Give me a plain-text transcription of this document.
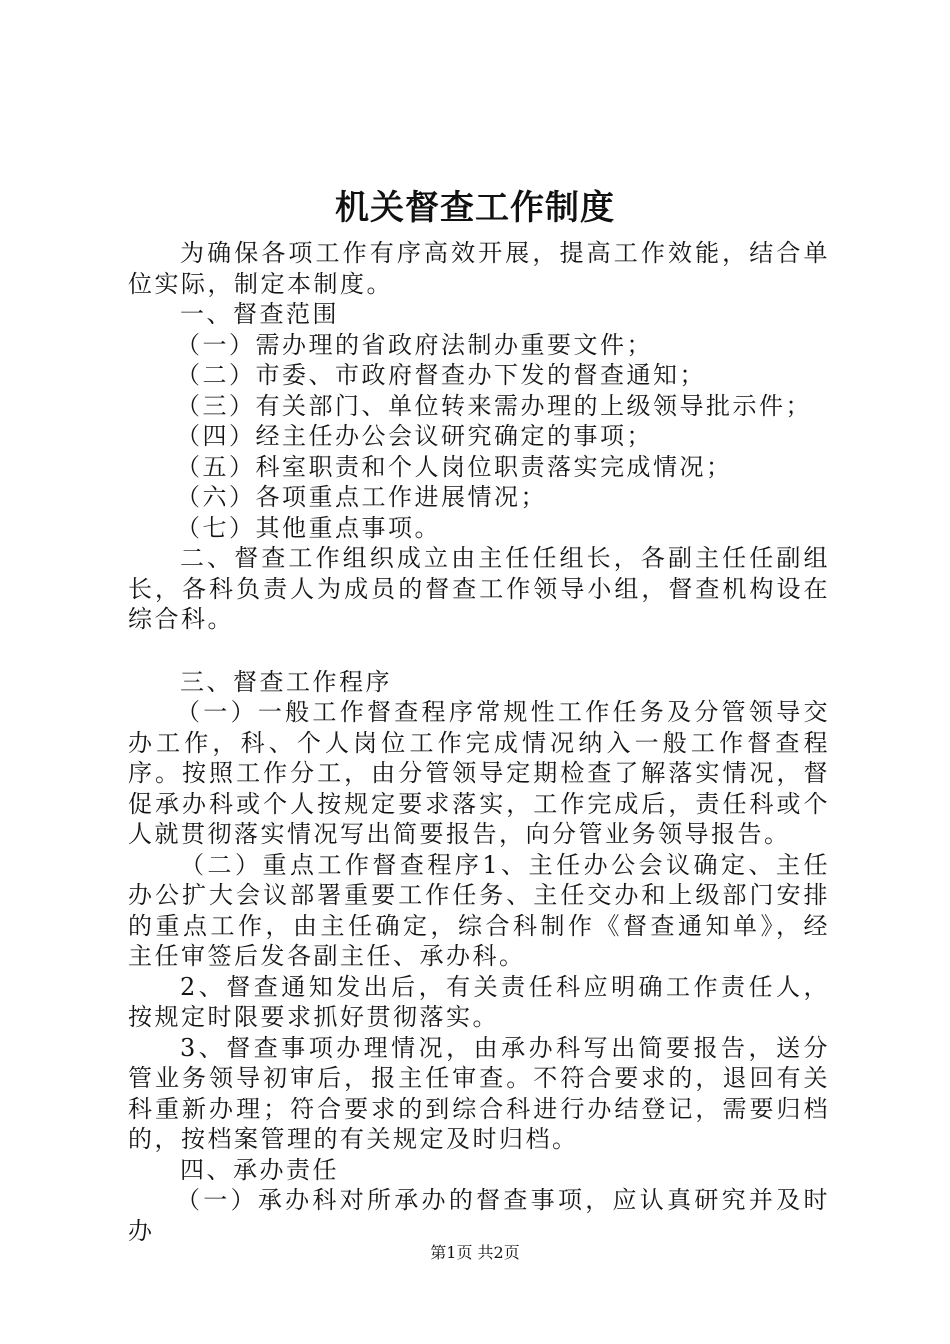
机关督查工作制度

为确保各项工作有序高效开展，提高工作效能，结合单位实际，制定本制度。

一、督查范围

（一）需办理的省政府法制办重要文件；

（二）市委、市政府督查办下发的督查通知；

（三）有关部门、单位转来需办理的上级领导批示件；

（四）经主任办公会议研究确定的事项；

（五）科室职责和个人岗位职责落实完成情况；

（六）各项重点工作进展情况；

（七）其他重点事项。

二、督查工作组织成立由主任任组长，各副主任任副组长，各科负责人为成员的督查工作领导小组，督查机构设在综合科。

三、督查工作程序

（一）一般工作督查程序常规性工作任务及分管领导交办工作，科、个人岗位工作完成情况纳入一般工作督查程序。按照工作分工，由分管领导定期检查了解落实情况，督促承办科或个人按规定要求落实，工作完成后，责任科或个人就贯彻落实情况写出简要报告，向分管业务领导报告。

（二）重点工作督查程序1、主任办公会议确定、主任办公扩大会议部署重要工作任务、主任交办和上级部门安排的重点工作，由主任确定，综合科制作《督查通知单》，经主任审签后发各副主任、承办科。

2、督查通知发出后，有关责任科应明确工作责任人，按规定时限要求抓好贯彻落实。

3、督查事项办理情况，由承办科写出简要报告，送分管业务领导初审后，报主任审查。不符合要求的，退回有关科重新办理；符合要求的到综合科进行办结登记，需要归档的，按档案管理的有关规定及时归档。

四、承办责任

（一）承办科对所承办的督查事项，应认真研究并及时办

第1页 共2页
